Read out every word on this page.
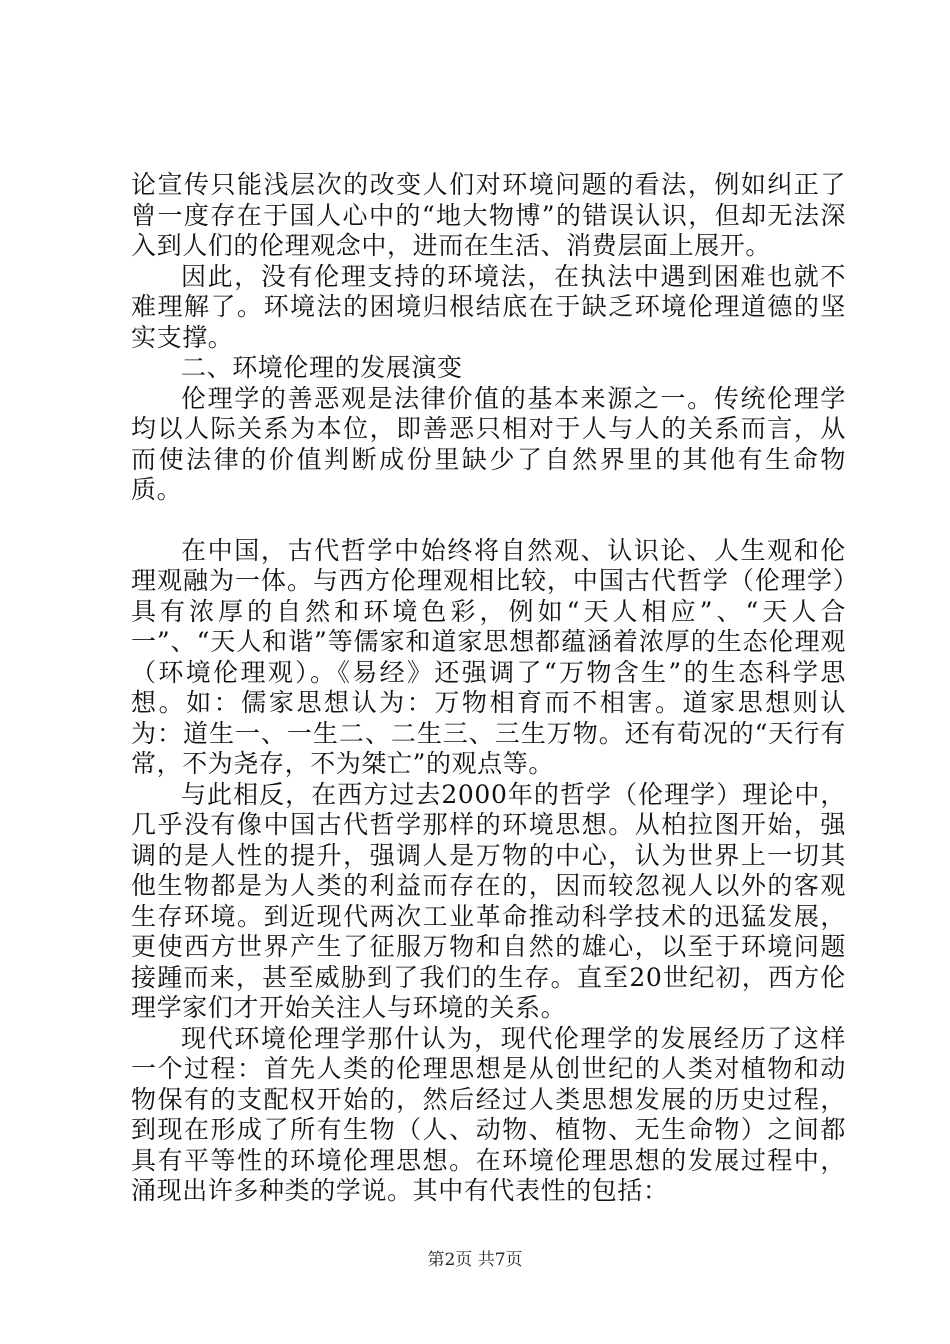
论宣传只能浅层次的改变人们对环境问题的看法，例如纠正了曾一度存在于国人心中的“地大物博”的错误认识，但却无法深入到人们的伦理观念中，进而在生活、消费层面上展开。

因此，没有伦理支持的环境法，在执法中遇到困难也就不难理解了。环境法的困境归根结底在于缺乏环境伦理道德的坚实支撑。

二、环境伦理的发展演变

伦理学的善恶观是法律价值的基本来源之一。传统伦理学均以人际关系为本位，即善恶只相对于人与人的关系而言，从而使法律的价值判断成份里缺少了自然界里的其他有生命物质。

在中国，古代哲学中始终将自然观、认识论、人生观和伦理观融为一体。与西方伦理观相比较，中国古代哲学（伦理学）具有浓厚的自然和环境色彩，例如“天人相应”、“天人合一”、“天人和谐”等儒家和道家思想都蕴涵着浓厚的生态伦理观（环境伦理观）。《易经》还强调了“万物含生”的生态科学思想。如：儒家思想认为：万物相育而不相害。道家思想则认为：道生一、一生二、二生三、三生万物。还有荀况的“天行有常，不为尧存，不为桀亡”的观点等。

与此相反，在西方过去2000年的哲学（伦理学）理论中，几乎没有像中国古代哲学那样的环境思想。从柏拉图开始，强调的是人性的提升，强调人是万物的中心，认为世界上一切其他生物都是为人类的利益而存在的，因而较忽视人以外的客观生存环境。到近现代两次工业革命推动科学技术的迅猛发展，更使西方世界产生了征服万物和自然的雄心，以至于环境问题接踵而来，甚至威胁到了我们的生存。直至20世纪初，西方伦理学家们才开始关注人与环境的关系。

现代环境伦理学那什认为，现代伦理学的发展经历了这样一个过程：首先人类的伦理思想是从创世纪的人类对植物和动物保有的支配权开始的，然后经过人类思想发展的历史过程，到现在形成了所有生物（人、动物、植物、无生命物）之间都具有平等性的环境伦理思想。在环境伦理思想的发展过程中，涌现出许多种类的学说。其中有代表性的包括：

第2页 共7页
